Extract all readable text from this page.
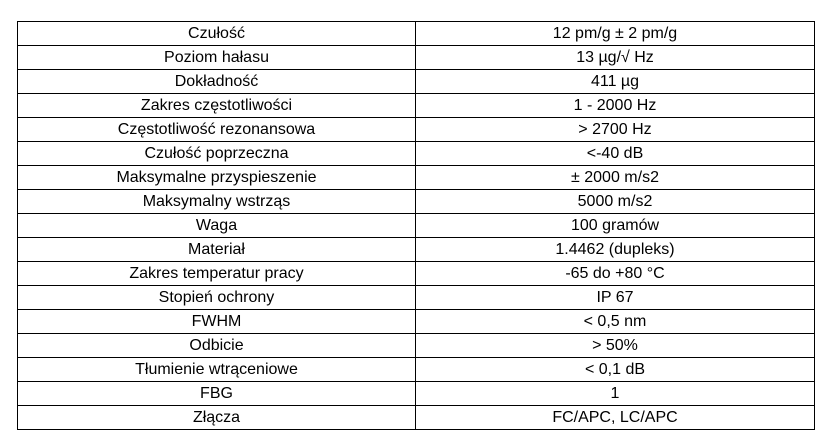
Czułość	12 pm/g ± 2 pm/g
Poziom hałasu	13 µg/√ Hz
Dokładność	411 µg
Zakres częstotliwości	1 - 2000 Hz
Częstotliwość rezonansowa	> 2700 Hz
Czułość poprzeczna	<-40 dB
Maksymalne przyspieszenie	± 2000 m/s2
Maksymalny wstrząs	5000 m/s2
Waga	100 gramów
Materiał	1.4462 (dupleks)
Zakres temperatur pracy	-65 do +80 °C
Stopień ochrony	IP 67
FWHM	< 0,5 nm
Odbicie	> 50%
Tłumienie wtrąceniowe	< 0,1 dB
FBG	1
Złącza	FC/APC, LC/APC
